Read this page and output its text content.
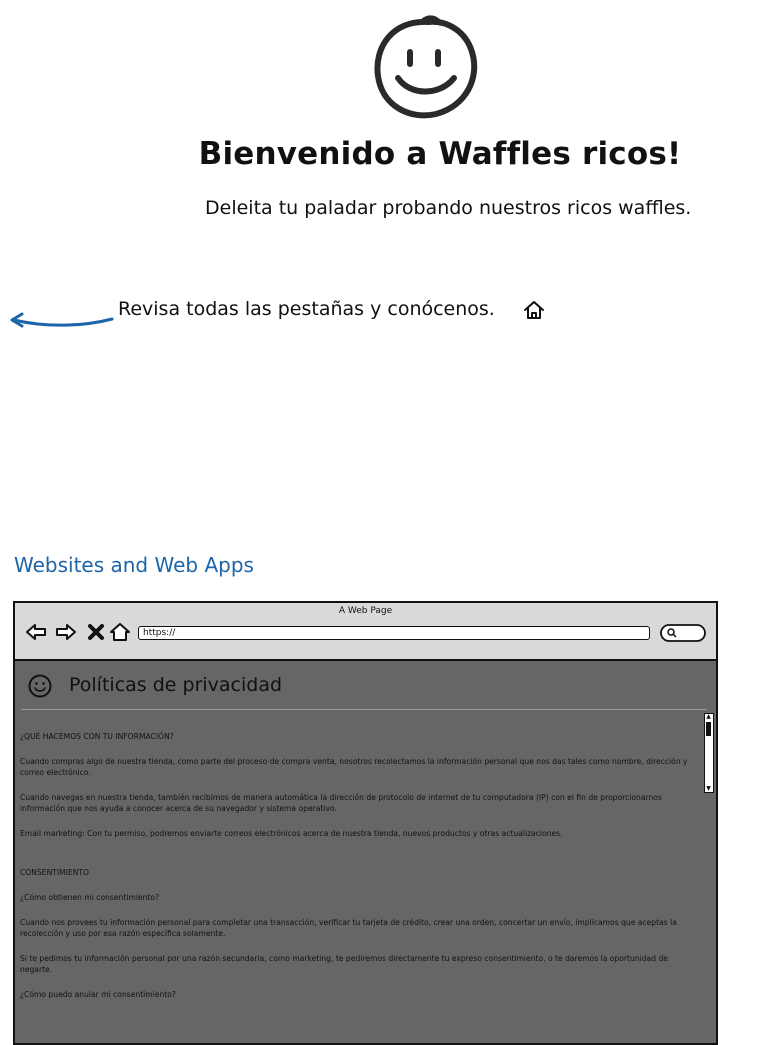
Bienvenido a Waffles ricos!
Deleita tu paladar probando nuestros ricos waffles.
Revisa todas las pestañas y conócenos.
Websites and Web Apps
A Web Page
https://
Políticas de privacidad
▲
▼

¿QUÉ HACEMOS CON TU INFORMACIÓN?

Cuando compras algo de nuestra tienda, como parte del proceso de compra venta, nosotros recolectamos la información personal que nos das tales como nombre, dirección y correo electrónico.

Cuando navegas en nuestra tienda, también recibimos de manera automática la dirección de protocolo de internet de tu computadora (IP) con el fin de proporcionarnos información que nos ayuda a conocer acerca de su navegador y sistema operativo.

Email marketing: Con tu permiso, podremos enviarte correos electrónicos acerca de nuestra tienda, nuevos productos y otras actualizaciones.

CONSENTIMIENTO

¿Cómo obtienen mi consentimiento?

Cuando nos provees tu información personal para completar una transacción, verificar tu tarjeta de crédito, crear una orden, concertar un envío, implicamos que aceptas la recolección y uso por esa razón específica solamente.

Si te pedimos tu información personal por una razón secundaria, como marketing, te pediremos directamente tu expreso consentimiento, o te daremos la oportunidad de negarte.

¿Cómo puedo anular mi consentimiento?
